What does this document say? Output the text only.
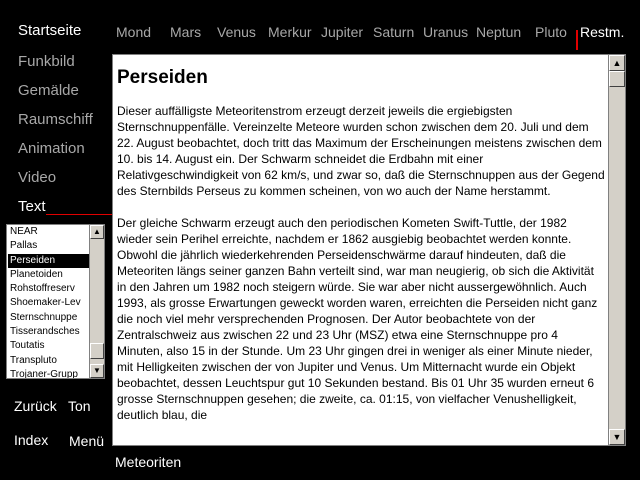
Startseite Mond Mars Venus Merkur Jupiter Saturn Uranus Neptun Pluto Restm.
Funkbild
Gemälde
Raumschiff
Animation
Video
Text
NEAR
Pallas
Perseiden
Planetoiden
Rohstoffreserv
Shoemaker-Lev
Sternschnuppe
Tisserandsches
Toutatis
Transpluto
Trojaner-Grupp
▲
▼
Zurück Ton
Index Menü
Perseiden

Dieser auffälligste Meteoritenstrom erzeugt derzeit jeweils die ergiebigsten Sternschnuppenfälle. Vereinzelte Meteore wurden schon zwischen dem 20. Juli und dem 22. August beobachtet, doch tritt das Maximum der Erscheinungen meistens zwischen dem 10. bis 14. August ein. Der Schwarm schneidet die Erdbahn mit einer Relativgeschwindigkeit von 62 km/s, und zwar so, daß die Sternschnuppen aus der Gegend des Sternbilds Perseus zu kommen scheinen, von wo auch der Name herstammt.

Der gleiche Schwarm erzeugt auch den periodischen Kometen Swift-Tuttle, der 1982 wieder sein Perihel erreichte, nachdem er 1862 ausgiebig beobachtet werden konnte. Obwohl die jährlich wiederkehrenden Perseidenschwärme darauf hindeuten, daß die Meteoriten längs seiner ganzen Bahn verteilt sind, war man neugierig, ob sich die Aktivität in den Jahren um 1982 noch steigern würde. Sie war aber nicht aussergewöhnlich. Auch 1993, als grosse Erwartungen geweckt worden waren, erreichten die Perseiden nicht ganz die noch viel mehr versprechenden Prognosen. Der Autor beobachtete von der Zentralschweiz aus zwischen 22 und 23 Uhr (MSZ) etwa eine Sternschnuppe pro 4 Minuten, also 15 in der Stunde. Um 23 Uhr gingen drei in weniger als einer Minute nieder, mit Helligkeiten zwischen der von Jupiter und Venus. Um Mitternacht wurde ein Objekt beobachtet, dessen Leuchtspur gut 10 Sekunden bestand. Bis 01 Uhr 35 wurden erneut 6 grosse Sternschnuppen gesehen; die zweite, ca. 01:15, von vielfacher Venushelligkeit, deutlich blau, die

▲
▼
Meteoriten
